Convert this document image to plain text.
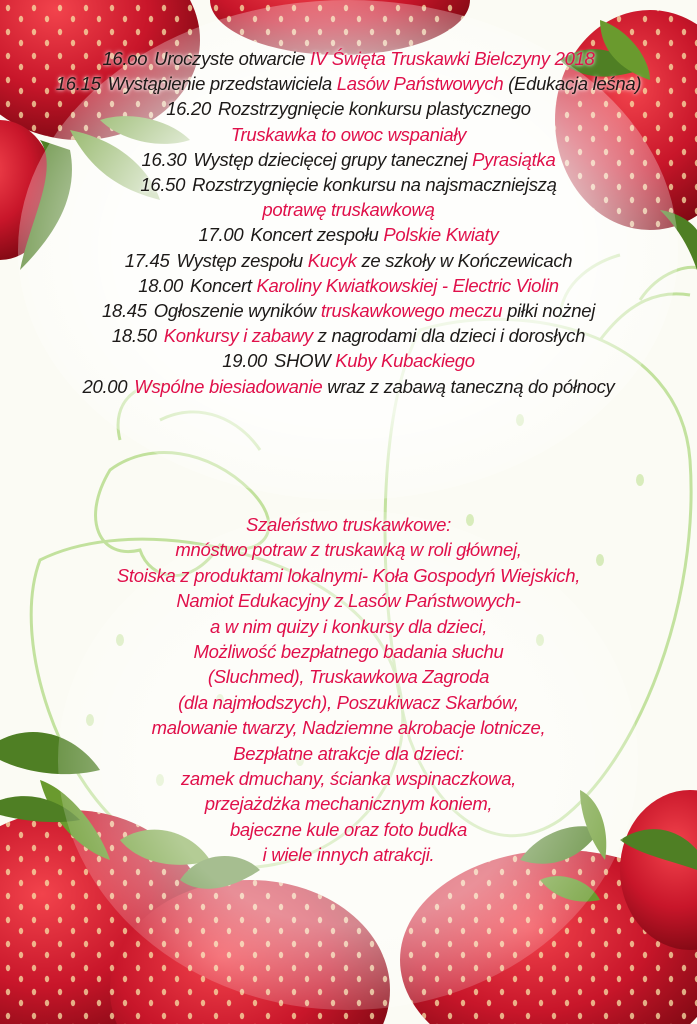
16.oo Uroczyste otwarcie IV Święta Truskawki Bielczyny 2018
16.15 Wystąpienie przedstawiciela Lasów Państwowych (Edukacja leśna)
16.20 Rozstrzygnięcie konkursu plastycznego
Truskawka to owoc wspaniały
16.30 Występ dziecięcej grupy tanecznej Pyrasiątka
16.50 Rozstrzygnięcie konkursu na najsmaczniejszą
potrawę truskawkową
17.00 Koncert zespołu Polskie Kwiaty
17.45 Występ zespołu Kucyk ze szkoły w Kończewicach
18.00 Koncert Karoliny Kwiatkowskiej - Electric Violin
18.45 Ogłoszenie wyników truskawkowego meczu piłki nożnej
18.50 Konkursy i zabawy z nagrodami dla dzieci i dorosłych
19.00 SHOW Kuby Kubackiego
20.00 Wspólne biesiadowanie wraz z zabawą taneczną do północy
Szaleństwo truskawkowe:
mnóstwo potraw z truskawką w roli głównej,
Stoiska z produktami lokalnymi- Koła Gospodyń Wiejskich,
Namiot Edukacyjny z Lasów Państwowych-
a w nim quizy i konkursy dla dzieci,
Możliwość bezpłatnego badania słuchu
(Sluchmed), Truskawkowa Zagroda
(dla najmłodszych), Poszukiwacz Skarbów,
malowanie twarzy, Nadziemne akrobacje lotnicze,
Bezpłatne atrakcje dla dzieci:
zamek dmuchany, ścianka wspinaczkowa,
przejażdżka mechanicznym koniem,
bajeczne kule oraz foto budka
i wiele innych atrakcji.
